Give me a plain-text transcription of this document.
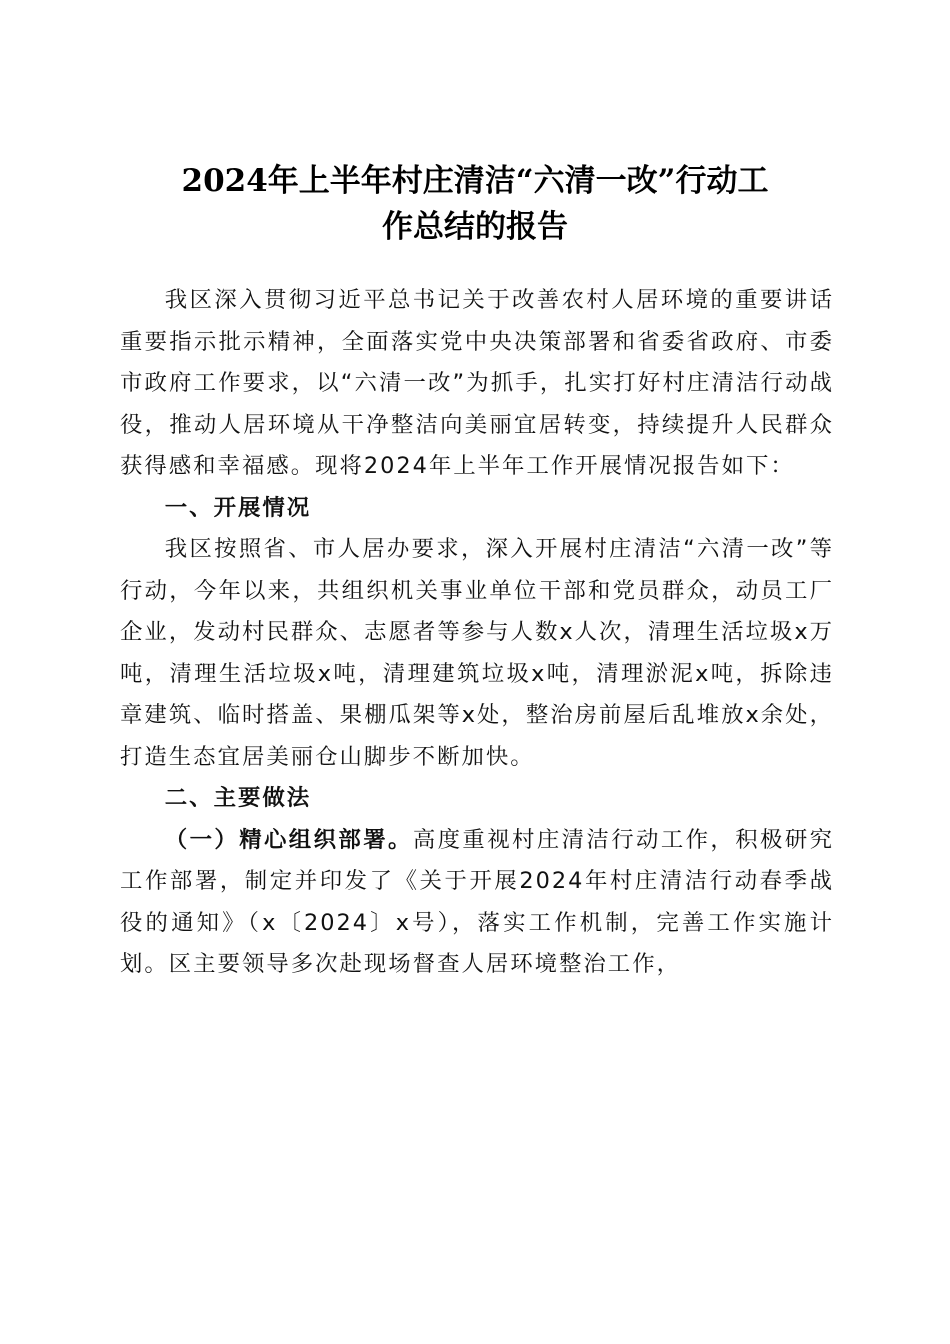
2024年上半年村庄清洁“六清一改”行动工
作总结的报告

我区深入贯彻习近平总书记关于改善农村人居环境的重要讲话重要指示批示精神，全面落实党中央决策部署和省委省政府、市委市政府工作要求，以“六清一改”为抓手，扎实打好村庄清洁行动战役，推动人居环境从干净整洁向美丽宜居转变，持续提升人民群众获得感和幸福感。现将2024年上半年工作开展情况报告如下：

一、开展情况

我区按照省、市人居办要求，深入开展村庄清洁“六清一改”等行动，今年以来，共组织机关事业单位干部和党员群众，动员工厂企业，发动村民群众、志愿者等参与人数x人次，清理生活垃圾x万吨，清理生活垃圾x吨，清理建筑垃圾x吨，清理淤泥x吨，拆除违章建筑、临时搭盖、果棚瓜架等x处，整治房前屋后乱堆放x余处，打造生态宜居美丽仓山脚步不断加快。

二、主要做法

（一）精心组织部署。高度重视村庄清洁行动工作，积极研究工作部署，制定并印发了《关于开展2024年村庄清洁行动春季战役的通知》（x〔2024〕x号），落实工作机制，完善工作实施计划。区主要领导多次赴现场督查人居环境整治工作，
